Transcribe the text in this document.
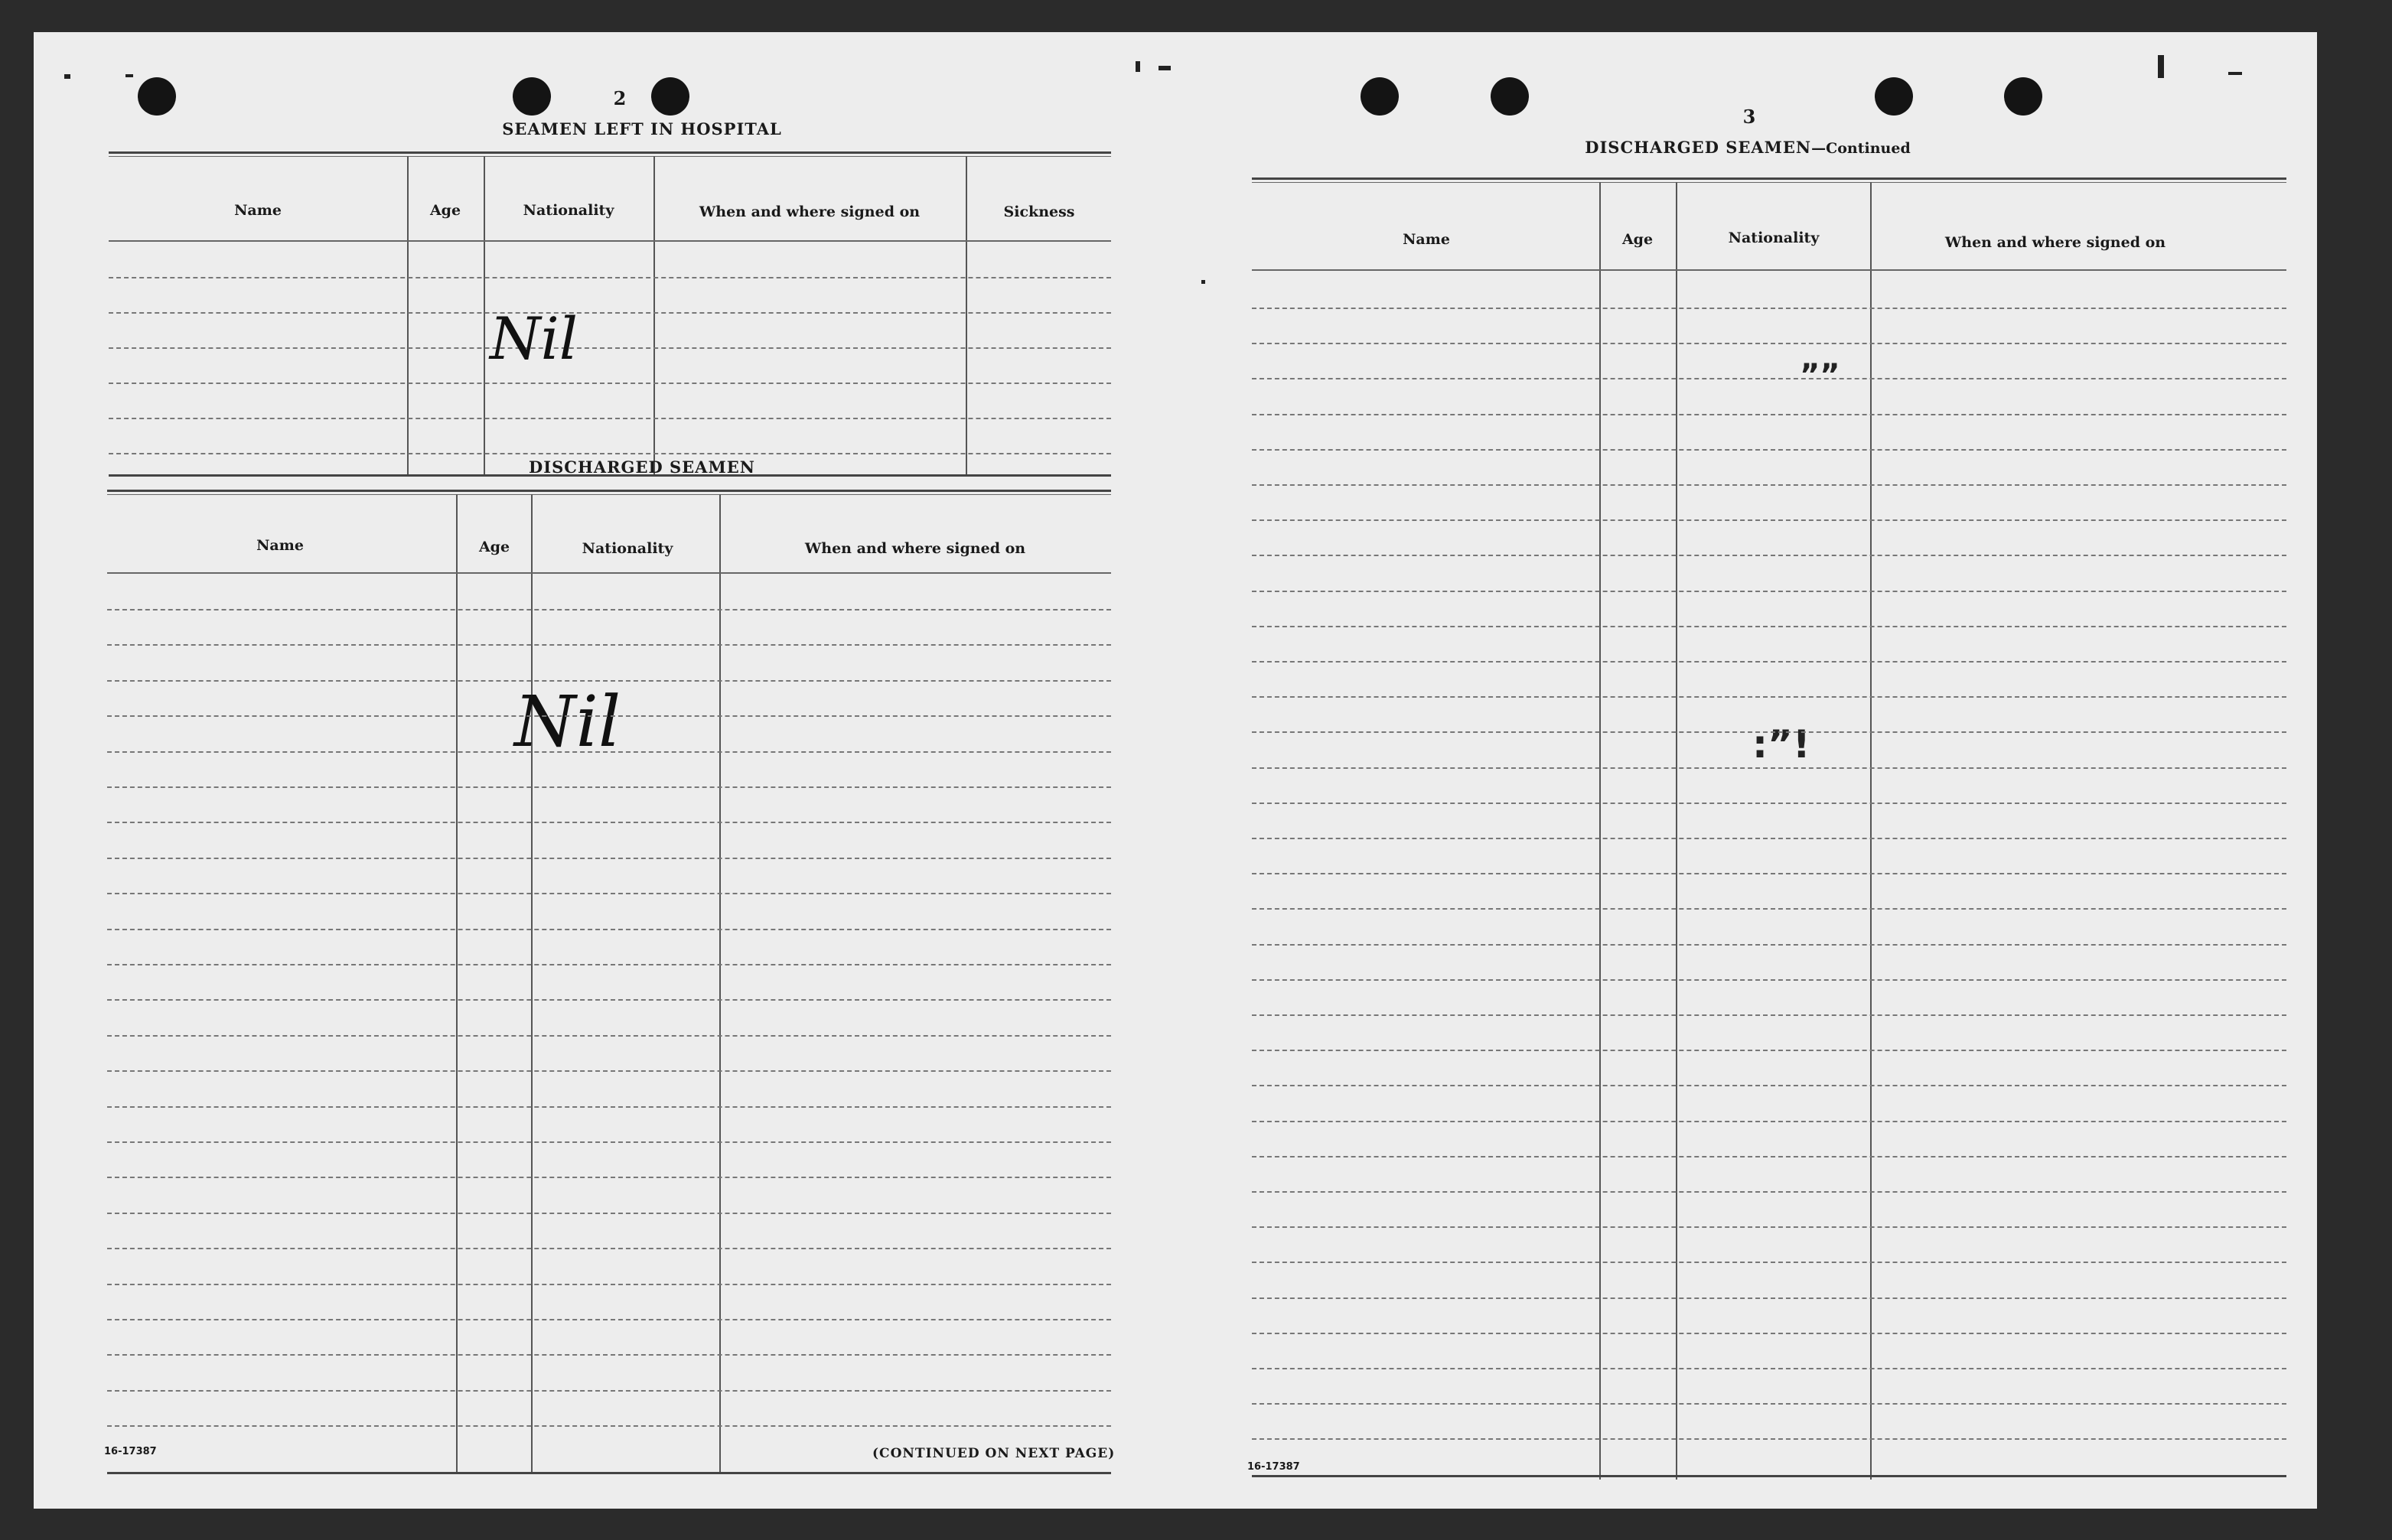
2
SEAMEN LEFT IN HOSPITAL
Name	Age	Nationality	When and where signed on	Sickness
Nil
DISCHARGED SEAMEN
Name	Age	Nationality	When and where signed on
Nil
16-17387	(CONTINUED ON NEXT PAGE)
3
DISCHARGED SEAMEN—Continued
Name	Age	Nationality	When and where signed on
””
:”!
16-17387
